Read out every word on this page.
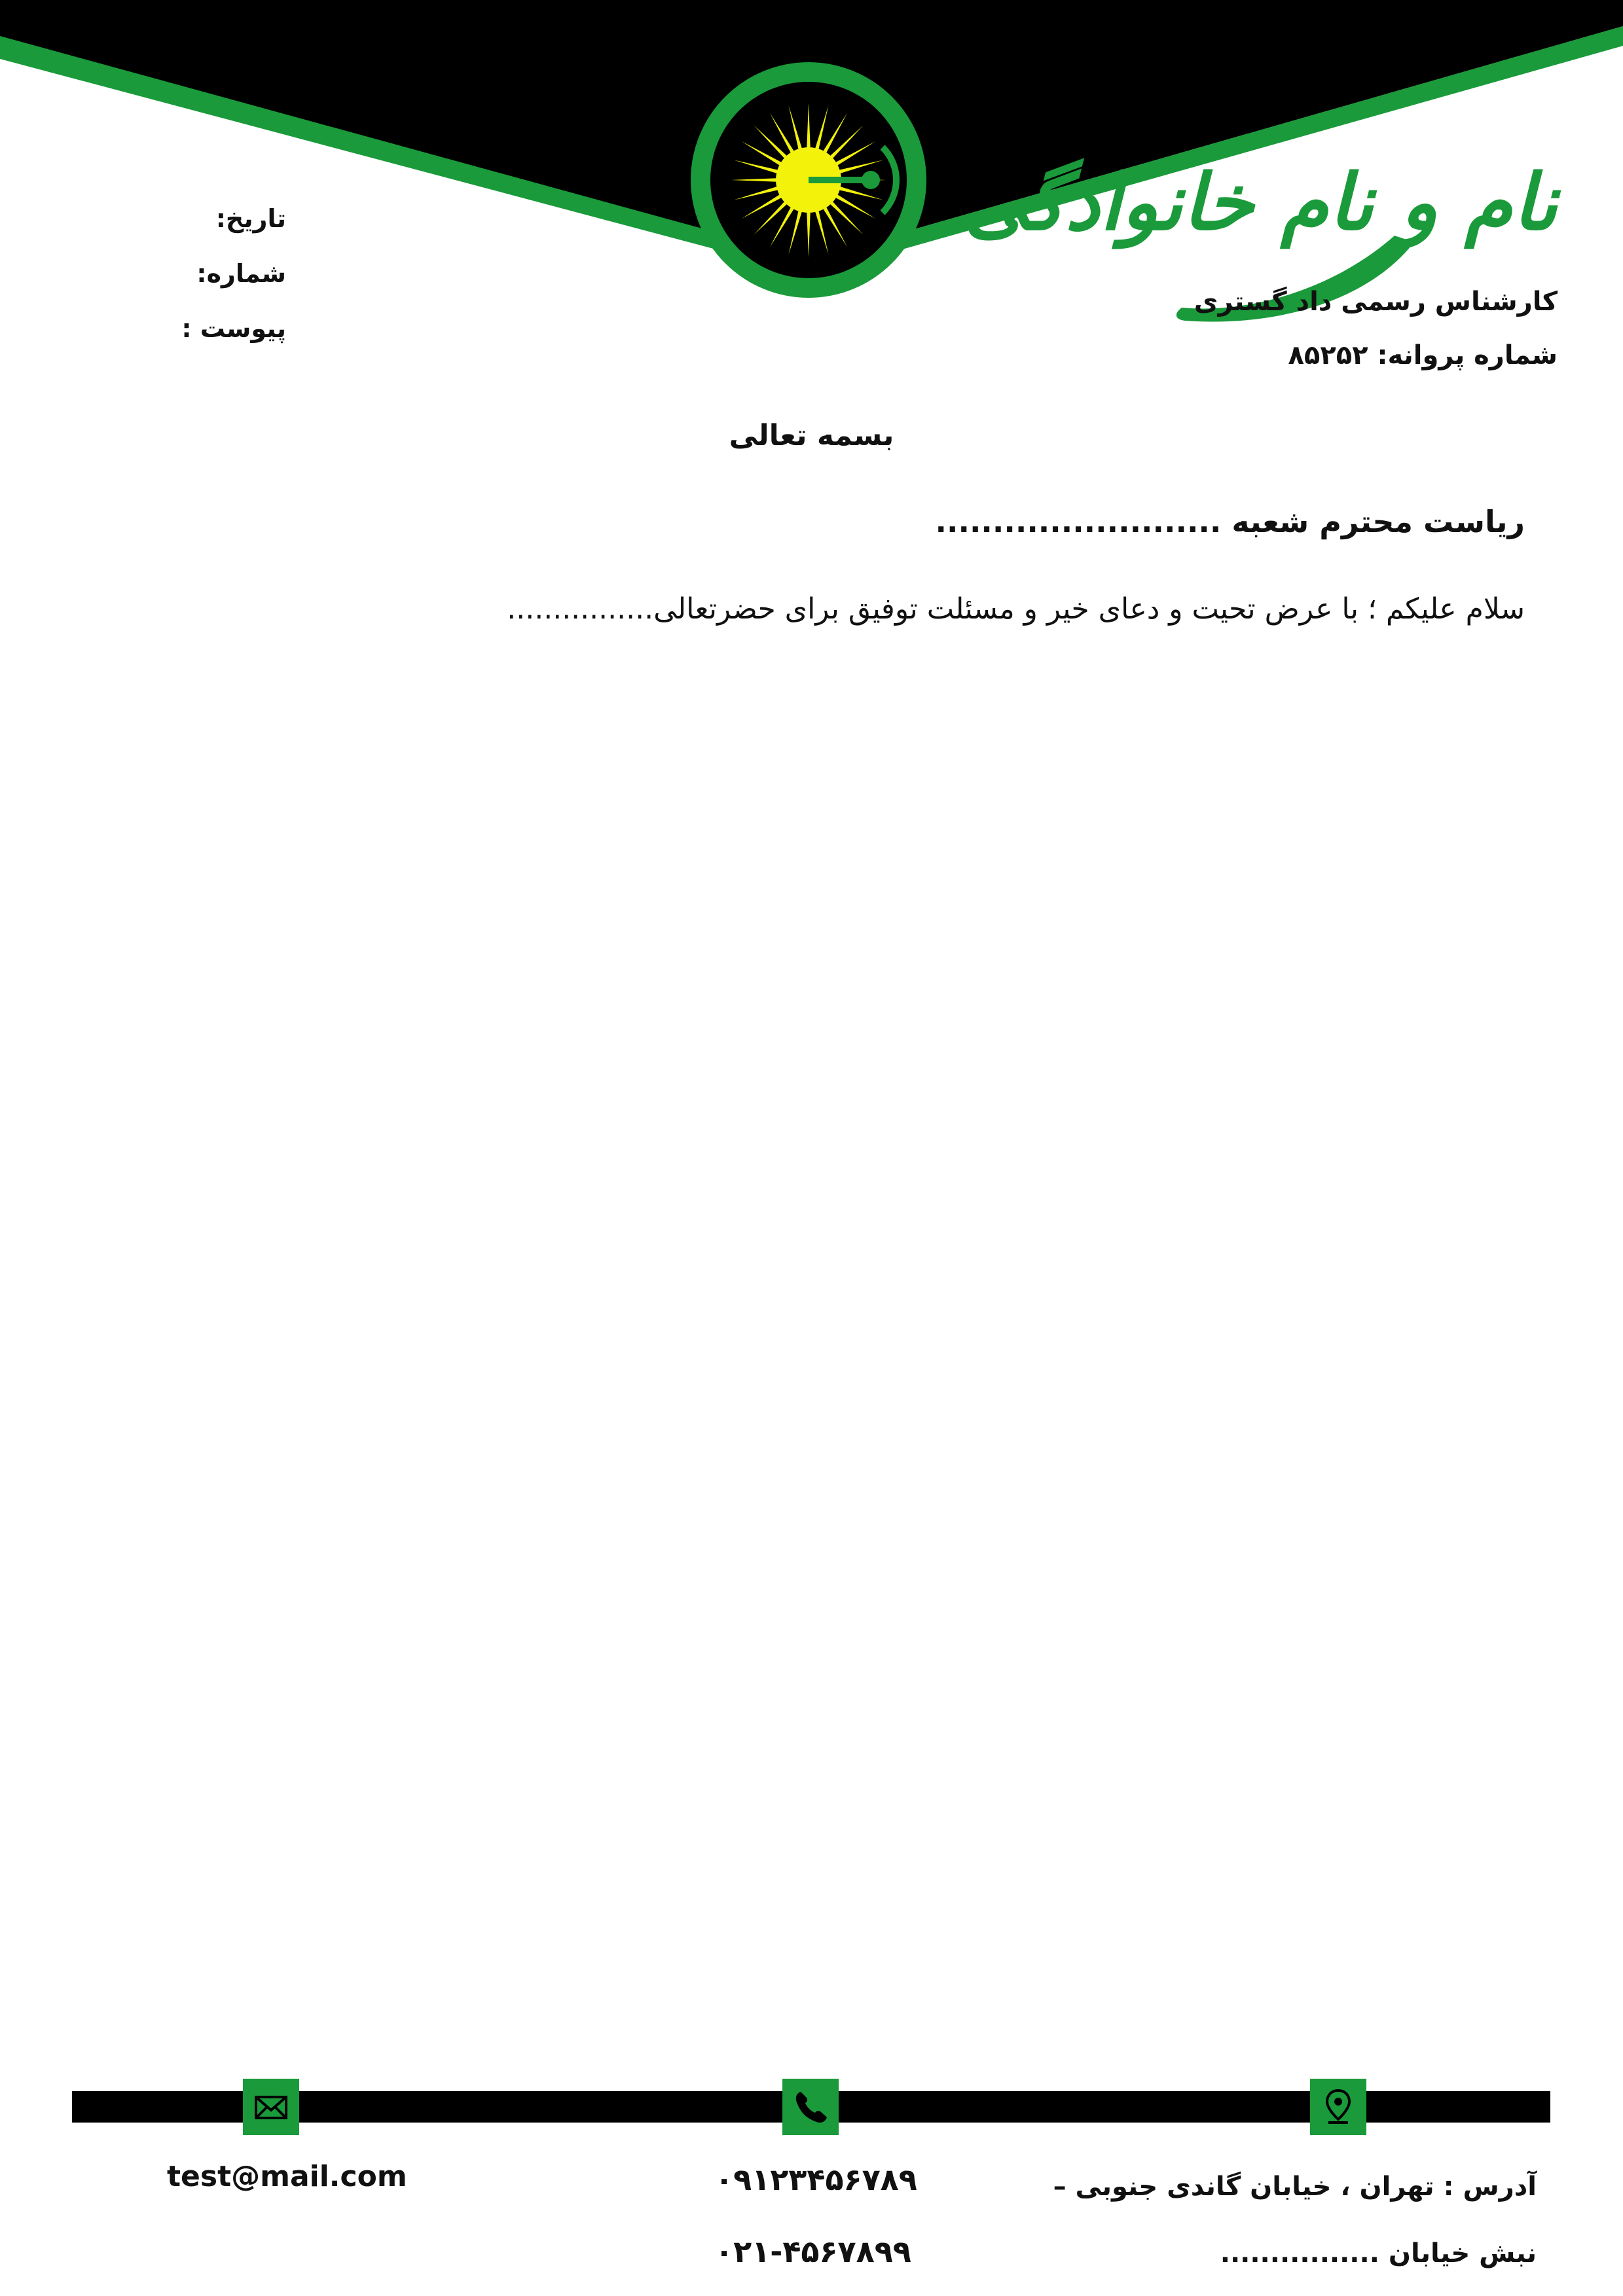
نام و نام خانوادگی
کارشناس رسمی داد گستری
شماره پروانه: ۸۵۲۵۲
تاریخ:
شماره:
پیوست :
بسمه تعالی
ریاست محترم شعبه .........................
سلام علیکم ؛ با عرض تحیت و دعای خیر و مسئلت توفیق برای حضرتعالی................
test@mail.com	۰۹۱۲۳۴۵۶۷۸۹
۰۲۱-۴۵۶۷۸۹۹
آدرس : تهران ، خیابان گاندی جنوبی –
نبش خیابان ................
